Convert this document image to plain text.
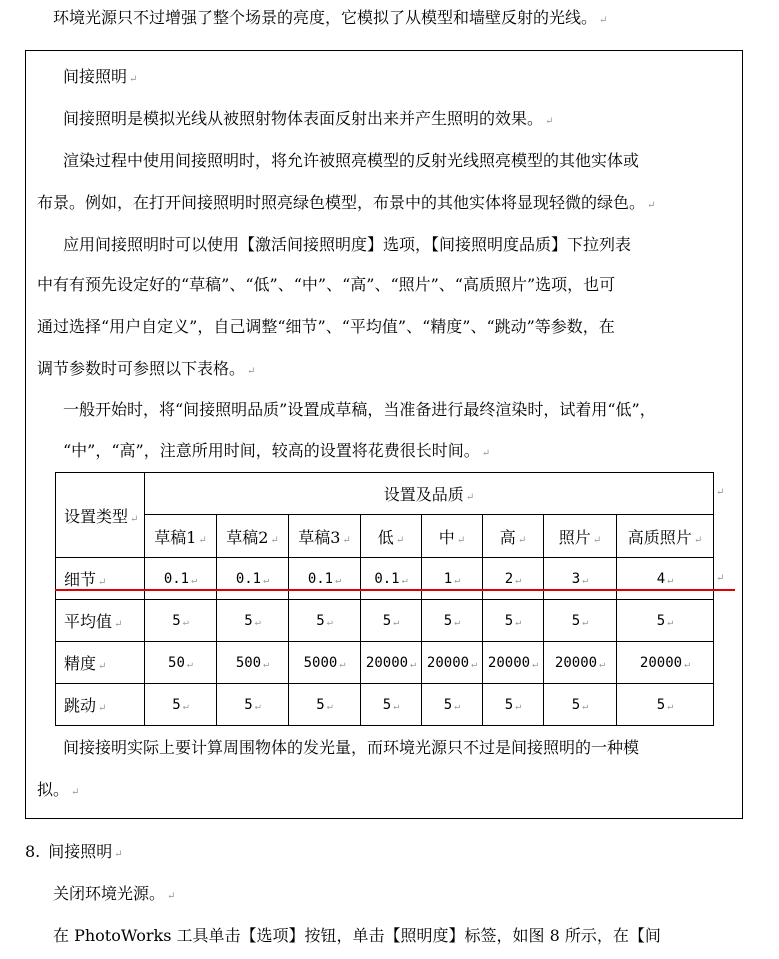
环境光源只不过增强了整个场景的亮度，它模拟了从模型和墙壁反射的光线。 ↵
间接照明 ↵
间接照明是模拟光线从被照射物体表面反射出来并产生照明的效果。 ↵
渲染过程中使用间接照明时，将允许被照亮模型的反射光线照亮模型的其他实体或
布景。例如，在打开间接照明时照亮绿色模型，布景中的其他实体将显现轻微的绿色。 ↵
应用间接照明时可以使用【激活间接照明度】选项，【间接照明度品质】下拉列表
中有有预先设定好的“草稿”、“低”、“中”、“高”、“照片”、“高质照片”选项，也可
通过选择“用户自定义”，自己调整“细节”、“平均值”、“精度”、“跳动”等参数，在
调节参数时可参照以下表格。 ↵
一般开始时，将“间接照明品质”设置成草稿，当准备进行最终渲染时，试着用“低”，
“中”，“高”，注意所用时间，较高的设置将花费很长时间。 ↵
设置类型 ↵	设置及品质 ↵							
	草稿1 ↵	草稿2 ↵	草稿3 ↵	低 ↵	中 ↵	高 ↵	照片 ↵	高质照片 ↵
细节 ↵	0.1 ↵	0.1 ↵	0.1 ↵	0.1 ↵	1 ↵	2 ↵	3 ↵	4 ↵
平均值 ↵	5 ↵	5 ↵	5 ↵	5 ↵	5 ↵	5 ↵	5 ↵	5 ↵
精度 ↵	50 ↵	500 ↵	5000 ↵	20000 ↵	20000 ↵	20000 ↵	20000 ↵	20000 ↵
跳动 ↵	5 ↵	5 ↵	5 ↵	5 ↵	5 ↵	5 ↵	5 ↵	5 ↵
↵
↵
间接接明实际上要计算周围物体的发光量，而环境光源只不过是间接照明的一种模
拟。 ↵
8. 间接照明 ↵
关闭环境光源。 ↵
在 PhotoWorks 工具单击【选项】按钮，单击【照明度】标签，如图 8 所示，在【间
